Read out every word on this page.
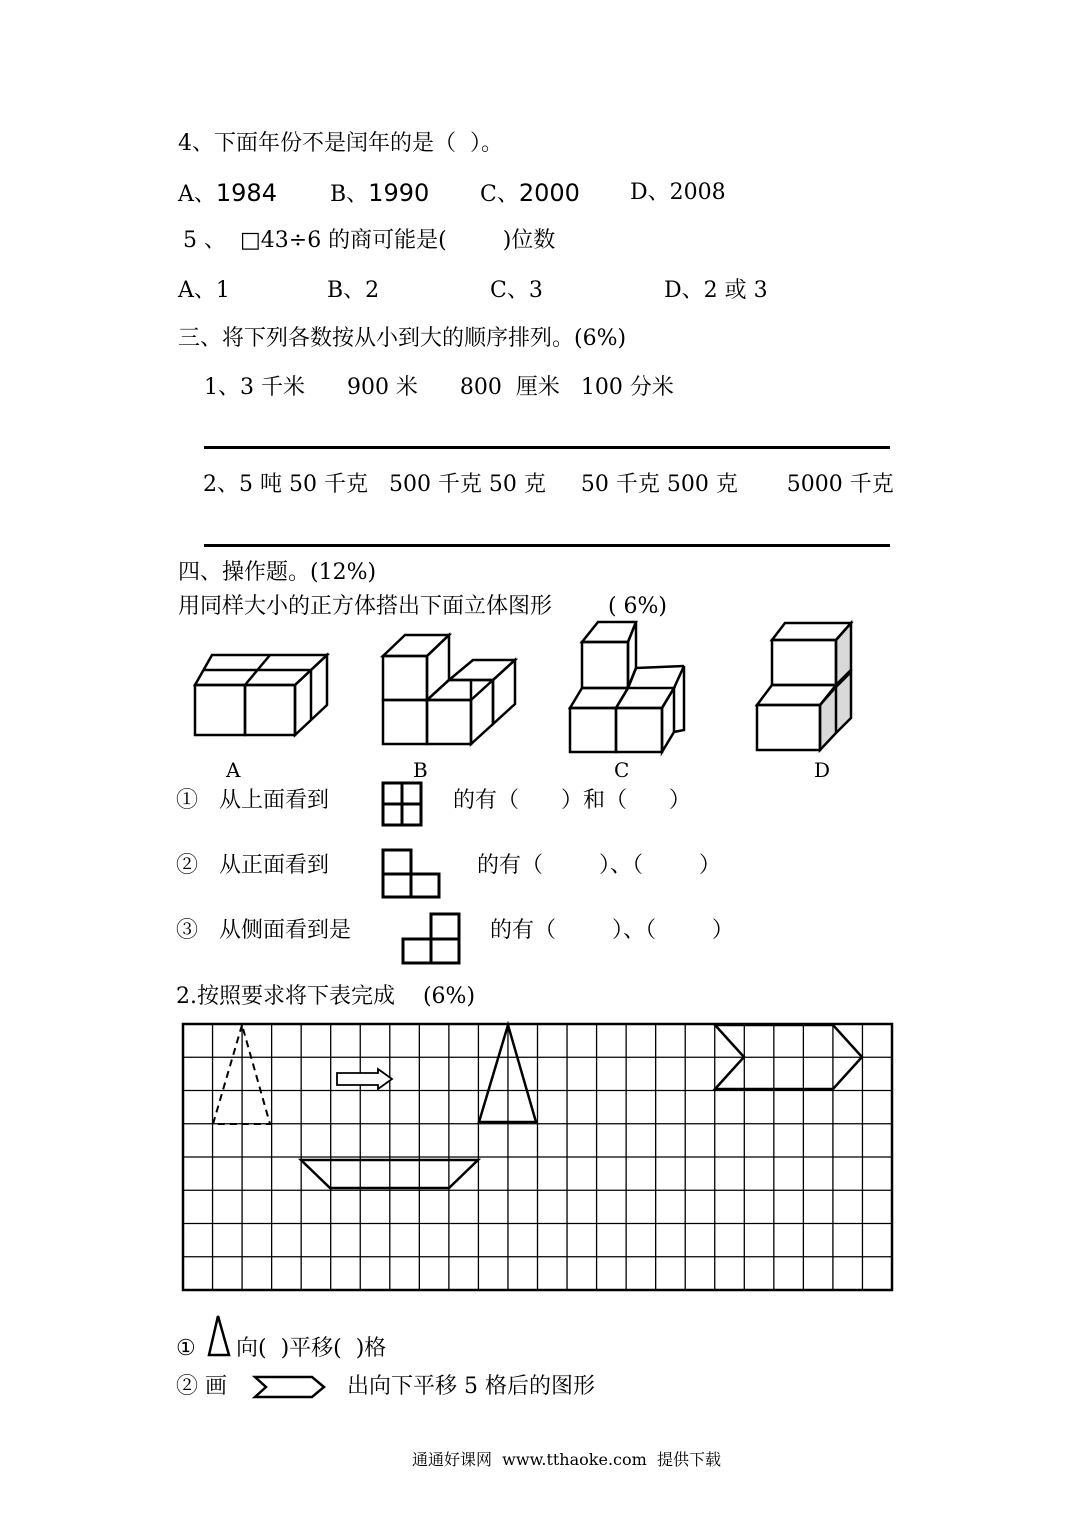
4、下面年份不是闰年的是（  ）。
A、1984 B、1990 C、2000 D、2008
5 、  □43÷6 的商可能是(        )位数
A、1	B、2	C、3	D、2 或 3
三、将下列各数按从小到大的顺序排列。(6%)
1、3 千米      900 米      800  厘米   100 分米
2、5 吨 50 千克   500 千克 50 克     50 千克 500 克       5000 千克
四、操作题。(12%)
用同样大小的正方体搭出下面立体图形        ( 6%)
A	B	C	D
①   从上面看到	的有（      ）和（      ）
②   从正面看到	的有（        ）、（        ）
③   从侧面看到是	的有（        ）、（        ）
2.按照要求将下表完成    (6%)
① 向(  )平移(  )格
② 画	出向下平移 5 格后的图形
通通好课网  www.tthaoke.com  提供下载
